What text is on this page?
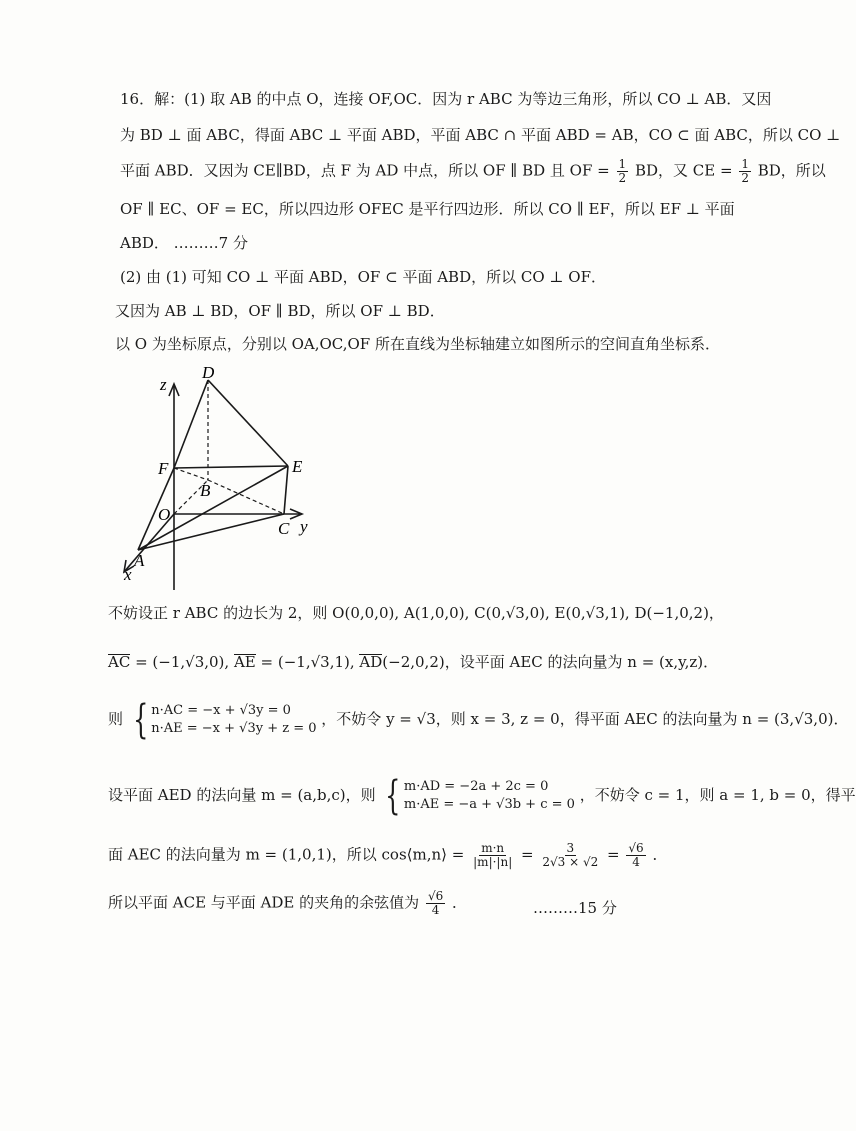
16．解：(1) 取 AB 的中点 O，连接 OF,OC．因为 r ABC 为等边三角形，所以 CO ⊥ AB．又因
为 BD ⊥ 面 ABC，得面 ABC ⊥ 平面 ABD，平面 ABC ∩ 平面 ABD = AB，CO ⊂ 面 ABC，所以 CO ⊥
平面 ABD．又因为 CE∥BD，点 F 为 AD 中点，所以 OF ∥ BD 且 OF = $\frac{1}{2}$ BD，又 CE = $\frac{1}{2}$ BD，所以
OF ∥ EC、OF = EC，所以四边形 OFEC 是平行四边形．所以 CO ∥ EF，所以 EF ⊥ 平面
ABD． ………7 分
(2) 由 (1) 可知 CO ⊥ 平面 ABD，OF ⊂ 平面 ABD，所以 CO ⊥ OF．
又因为 AB ⊥ BD，OF ∥ BD，所以 OF ⊥ BD．
以 O 为坐标原点，分别以 OA,OC,OF 所在直线为坐标轴建立如图所示的空间直角坐标系．
z
D
F	E
B
O
C y
A
x
不妨设正 r ABC 的边长为 2，则 O(0,0,0), A(1,0,0), C(0,√3,0), E(0,√3,1), D(−1,0,2)，
AC = (−1,√3,0), AE = (−1,√3,1), AD(−2,0,2)，设平面 AEC 的法向量为 n = (x,y,z)．
则 { n·AC = −x + √3y = 0
n·AE = −x + √3y + z = 0
，不妨令 y = √3，则 x = 3, z = 0，得平面 AEC 的法向量为 n = (3,√3,0)．
设平面 AED 的法向量 m = (a,b,c)，则 { m·AD = −2a + 2c = 0
m·AE = −a + √3b + c = 0
，不妨令 c = 1，则 a = 1, b = 0，得平
面 AEC 的法向量为 m = (1,0,1)，所以 cos⟨m,n⟩ = $\frac{m\cdot n}{|m|\cdot|n|} = \frac{3}{2√3 \times √2} = \frac{√6}{4}$ ．
所以平面 ACE 与平面 ADE 的夹角的余弦值为 $\frac{√6}{4}$ ．	………15 分
